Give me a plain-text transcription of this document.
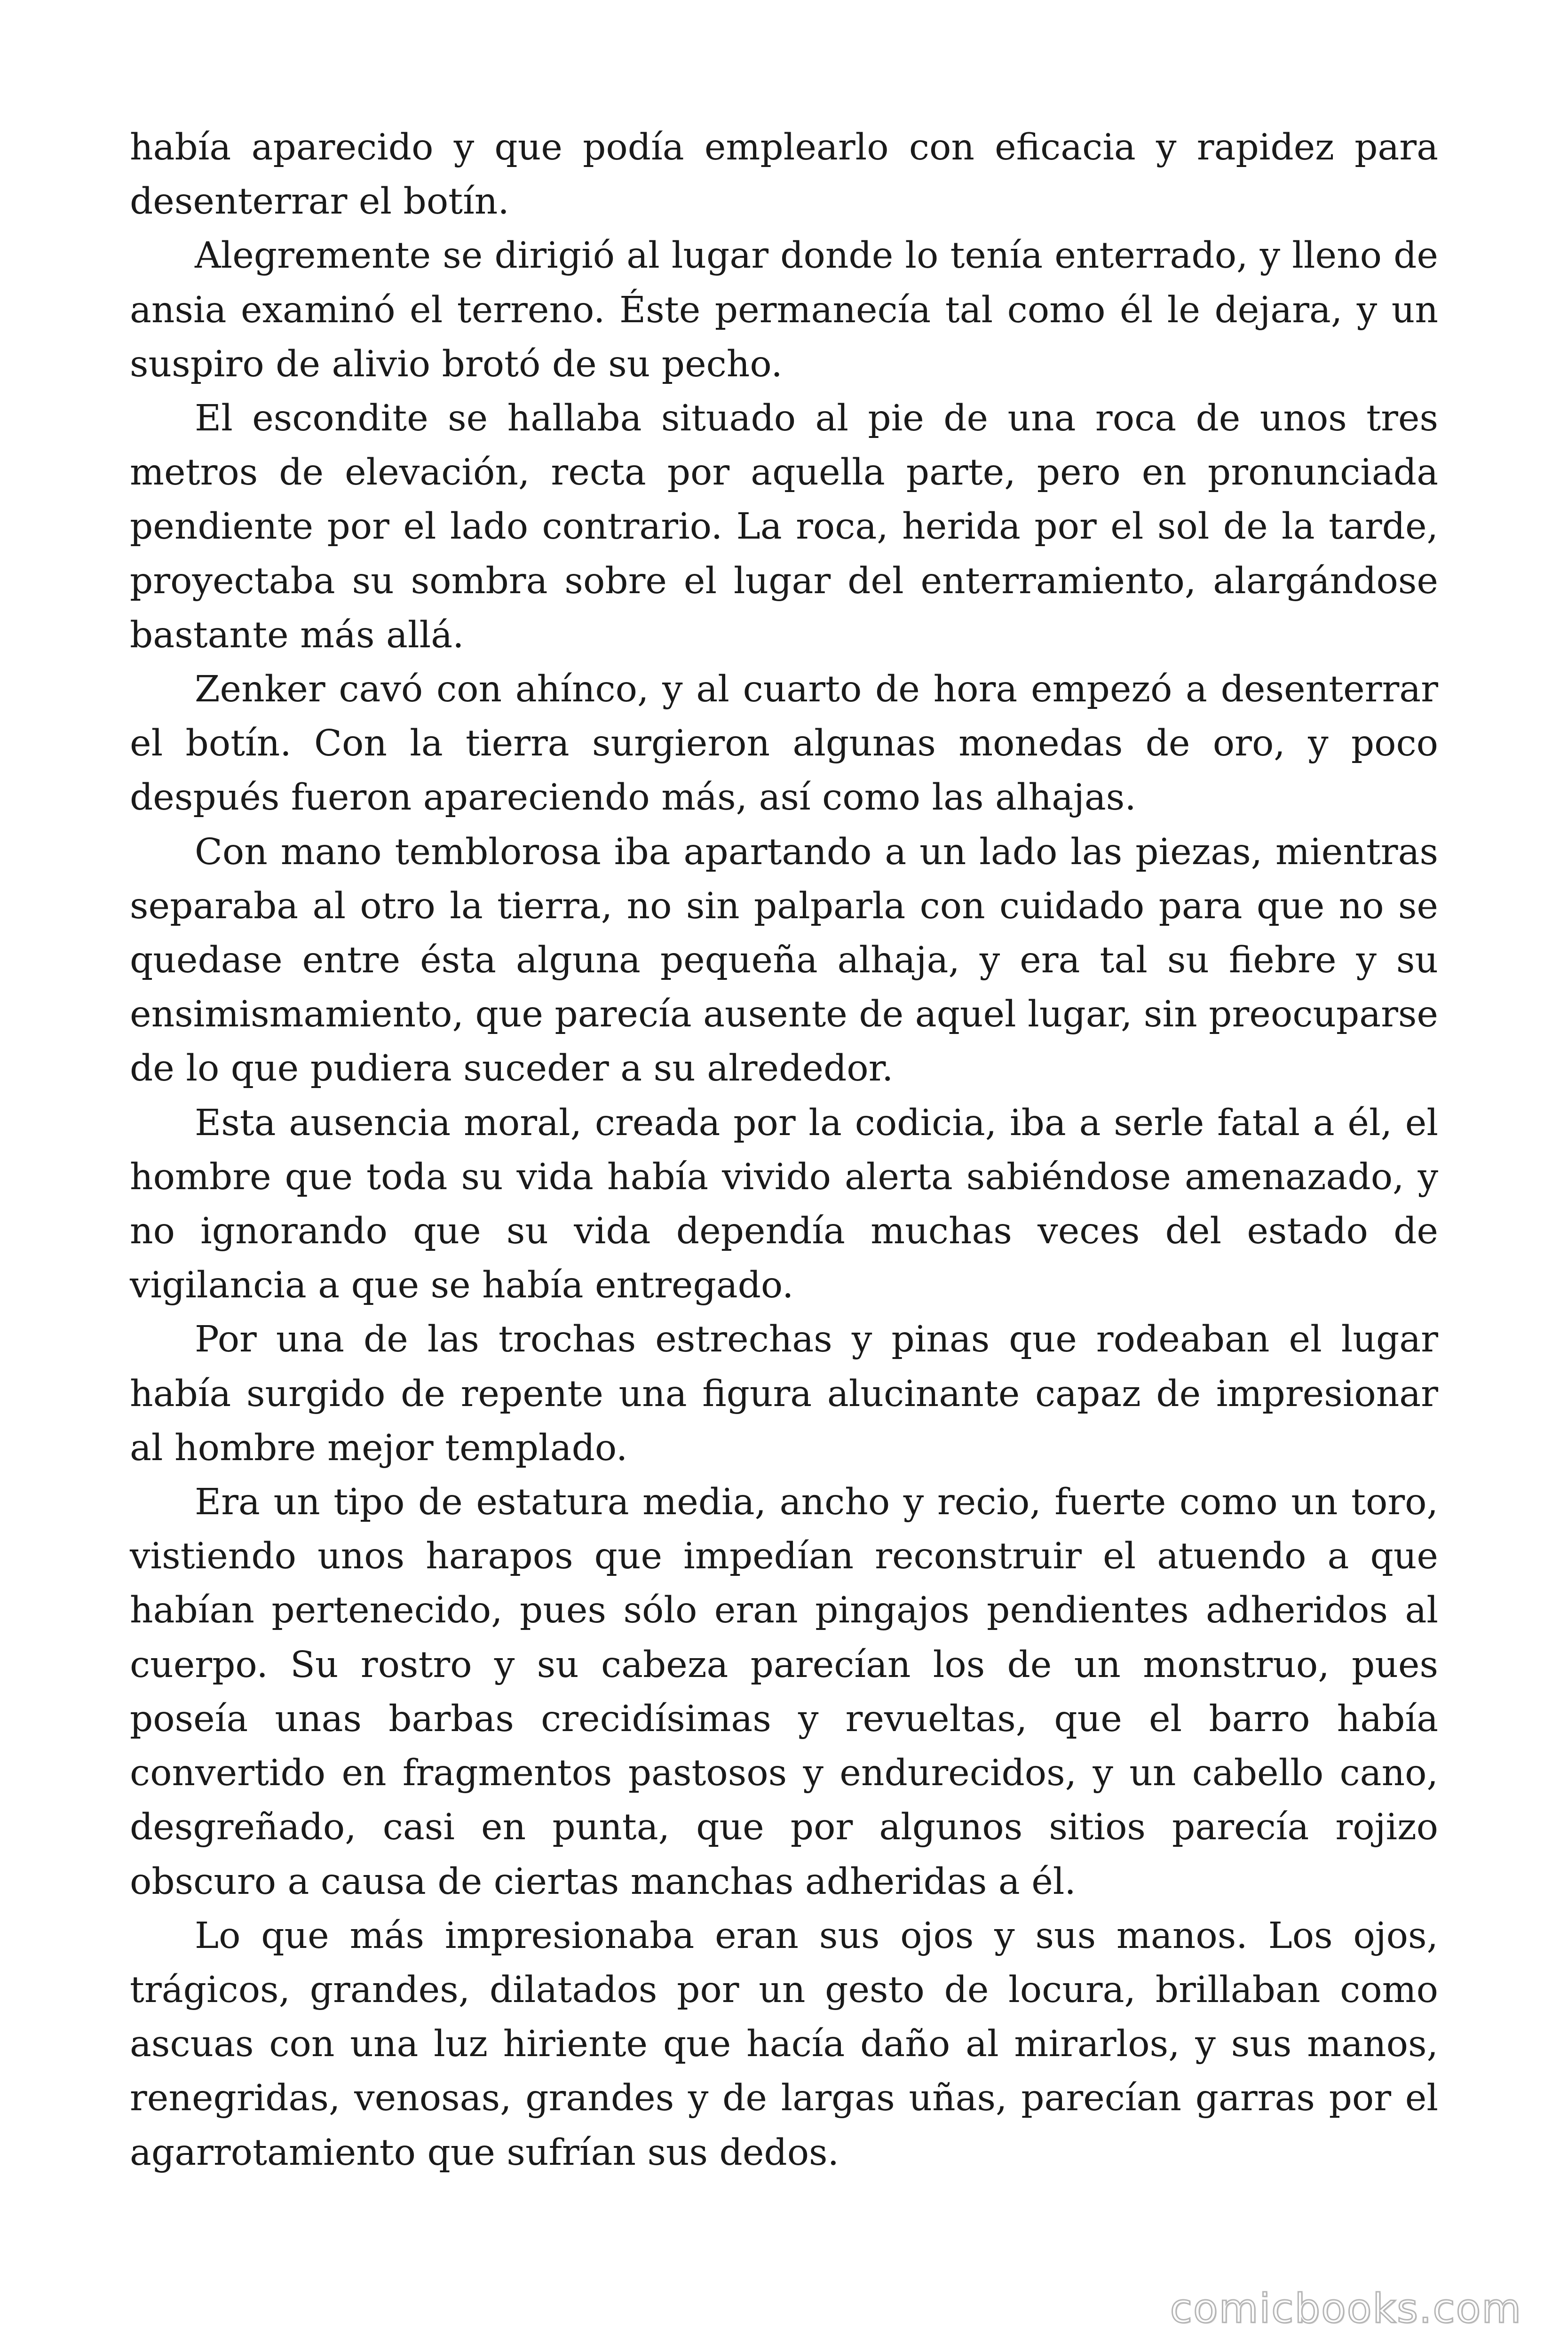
había aparecido y que podía emplearlo con eficacia y rapidez para desenterrar el botín.

Alegremente se dirigió al lugar donde lo tenía enterrado, y lleno de ansia examinó el terreno. Éste permanecía tal como él le dejara, y un suspiro de alivio brotó de su pecho.

El escondite se hallaba situado al pie de una roca de unos tres metros de elevación, recta por aquella parte, pero en pronunciada pendiente por el lado contrario. La roca, herida por el sol de la tarde, proyectaba su sombra sobre el lugar del enterramiento, alargándose bastante más allá.

Zenker cavó con ahínco, y al cuarto de hora empezó a desenterrar el botín. Con la tierra surgieron algunas monedas de oro, y poco después fueron apareciendo más, así como las alhajas.

Con mano temblorosa iba apartando a un lado las piezas, mientras separaba al otro la tierra, no sin palparla con cuidado para que no se quedase entre ésta alguna pequeña alhaja, y era tal su fiebre y su ensimismamiento, que parecía ausente de aquel lugar, sin preocuparse de lo que pudiera suceder a su alrededor.

Esta ausencia moral, creada por la codicia, iba a serle fatal a él, el hombre que toda su vida había vivido alerta sabiéndose amenazado, y no ignorando que su vida dependía muchas veces del estado de vigilancia a que se había entregado.

Por una de las trochas estrechas y pinas que rodeaban el lugar había surgido de repente una figura alucinante capaz de impresionar al hombre mejor templado.

Era un tipo de estatura media, ancho y recio, fuerte como un toro, vistiendo unos harapos que impedían reconstruir el atuendo a que habían pertenecido, pues sólo eran pingajos pendientes adheridos al cuerpo. Su rostro y su cabeza parecían los de un monstruo, pues poseía unas barbas crecidísimas y revueltas, que el barro había convertido en fragmentos pastosos y endurecidos, y un cabello cano, desgreñado, casi en punta, que por algunos sitios parecía rojizo obscuro a causa de ciertas manchas adheridas a él.

Lo que más impresionaba eran sus ojos y sus manos. Los ojos, trágicos, grandes, dilatados por un gesto de locura, brillaban como ascuas con una luz hiriente que hacía daño al mirarlos, y sus manos, renegridas, venosas, grandes y de largas uñas, parecían garras por el agarrotamiento que sufrían sus dedos.

comicbooks.com
